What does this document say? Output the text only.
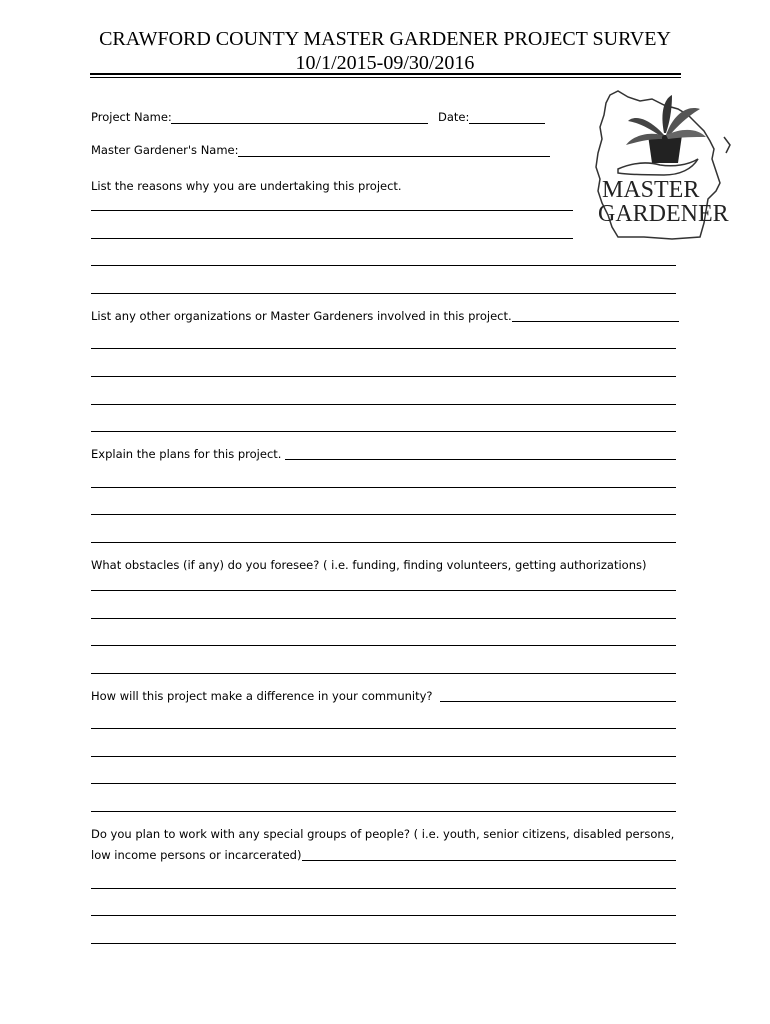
CRAWFORD COUNTY MASTER GARDENER PROJECT SURVEY
10/1/2015-09/30/2016
MASTER
GARDENER
Project Name:	Date:
Master Gardener's Name:
List the reasons why you are undertaking this project.
List any other organizations or Master Gardeners involved in this project.
Explain the plans for this project.
What obstacles (if any) do you foresee? ( i.e. funding, finding volunteers, getting authorizations)
How will this project make a difference in your community?
Do you plan to work with any special groups of people? ( i.e. youth, senior citizens, disabled persons,
low income persons or incarcerated)
